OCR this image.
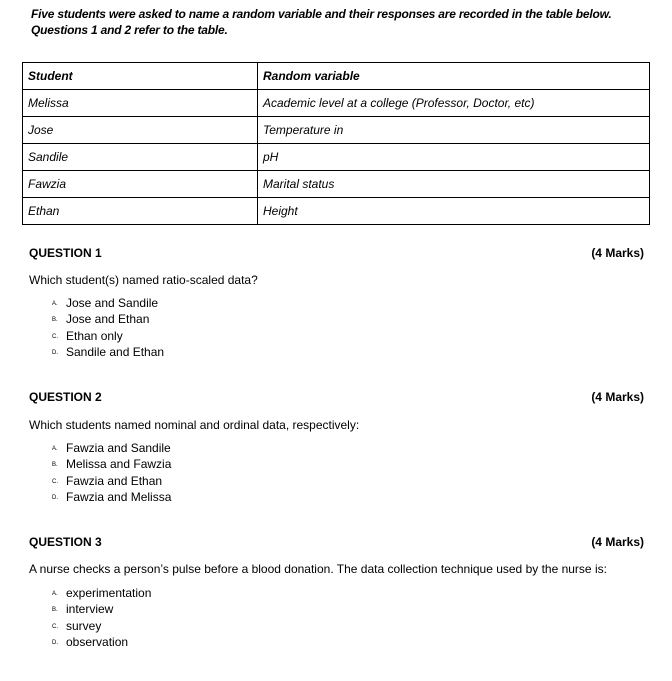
Five students were asked to name a random variable and their responses are recorded in the table below.
Questions 1 and 2 refer to the table.
Student	Random variable
Melissa	Academic level at a college (Professor, Doctor, etc)
Jose	Temperature in
Sandile	pH
Fawzia	Marital status
Ethan	Height
QUESTION 1	(4 Marks)
Which student(s) named ratio-scaled data?
A. Jose and Sandile
B. Jose and Ethan
C. Ethan only
D. Sandile and Ethan
QUESTION 2	(4 Marks)
Which students named nominal and ordinal data, respectively:
A. Fawzia and Sandile
B. Melissa and Fawzia
C. Fawzia and Ethan
D. Fawzia and Melissa
QUESTION 3	(4 Marks)
A nurse checks a person’s pulse before a blood donation. The data collection technique used by the nurse is:
A. experimentation
B. interview
C. survey
D. observation
